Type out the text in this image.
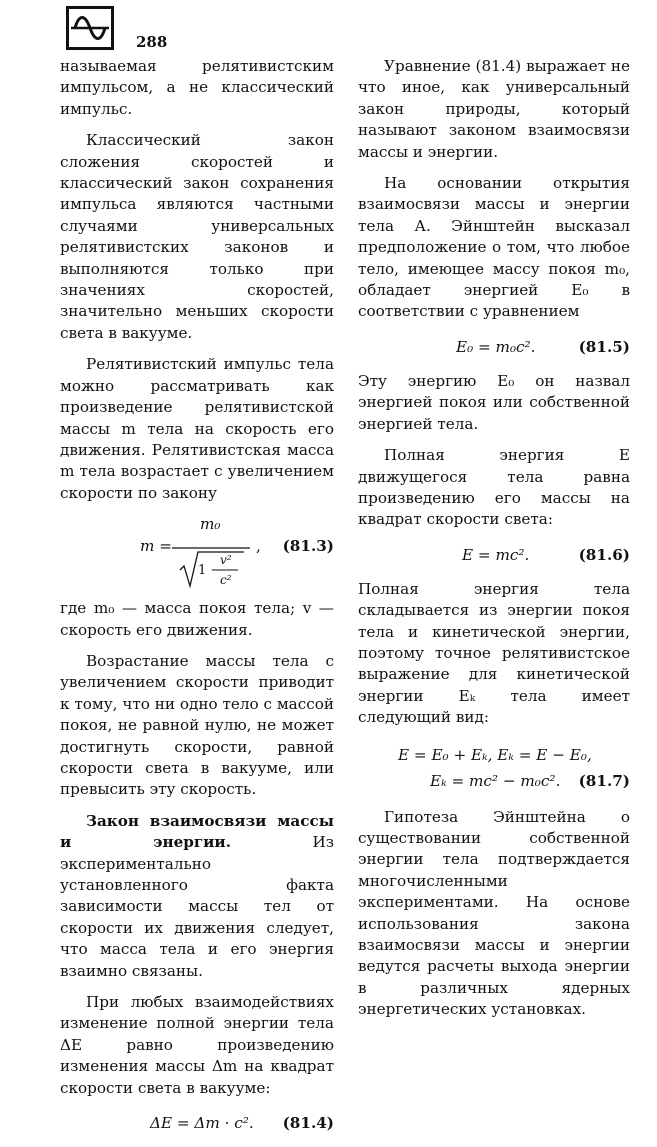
288

называемая релятивистским импульсом, а не классический импульс.

Классический закон сложения скоростей и классический закон сохранения импульса являются частными случаями универсальных релятивистских законов и выполняются только при значениях скоростей, значительно меньших скорости света в вакууме.

Релятивистский импульс тела можно рассматривать как произведение релятивистской массы m тела на скорость его движения. Релятивистская масса m тела возрастает с увеличением скорости по закону

m =
m₀
1 −
v²
c²
, (81.3)

где m₀ — масса покоя тела; v — скорость его движения.

Возрастание массы тела с увеличением скорости приводит к тому, что ни одно тело с массой покоя, не равной нулю, не может достигнуть скорости, равной скорости света в вакууме, или превысить эту скорость.

Закон взаимосвязи массы и энергии. Из экспериментально установленного факта зависимости массы тел от скорости их движения следует, что масса тела и его энергия взаимно связаны.

При любых взаимодействиях изменение полной энергии тела ΔE равно произведению изменения массы Δm на квадрат скорости света в вакууме:

ΔE = Δm · c². (81.4)

Уравнение (81.4) выражает не что иное, как универсальный закон природы, который называют законом взаимосвязи массы и энергии.

На основании открытия взаимосвязи массы и энергии тела А. Эйнштейн высказал предположение о том, что любое тело, имеющее массу покоя m₀, обладает энергией E₀ в соответствии с уравнением

E₀ = m₀c².	(81.5)

Эту энергию E₀ он назвал энергией покоя или собственной энергией тела.

Полная энергия E движущегося тела равна произведению его массы на квадрат скорости света:

E = mc².	(81.6)

Полная энергия тела складывается из энергии покоя тела и кинетической энергии, поэтому точное релятивистское выражение для кинетической энергии Eₖ тела имеет следующий вид:

E = E₀ + Eₖ, Eₖ = E − E₀,
Eₖ = mc² − m₀c². (81.7)

Гипотеза Эйнштейна о существовании собственной энергии тела подтверждается многочисленными экспериментами. На основе использования закона взаимосвязи массы и энергии ведутся расчеты выхода энергии в различных ядерных энергетических установках.
